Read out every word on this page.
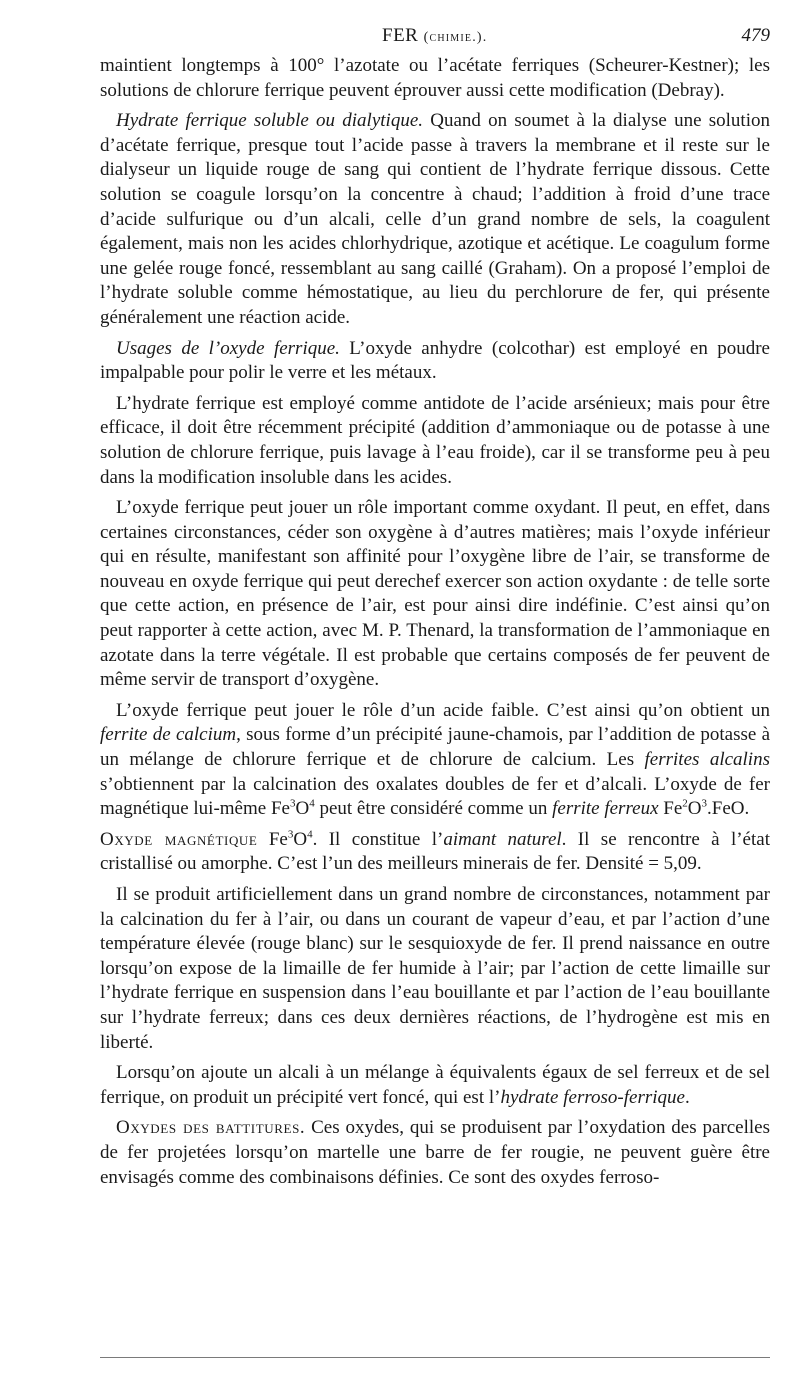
FER (chimie.).	479

maintient longtemps à 100° l’azotate ou l’acétate ferriques (Scheurer-Kestner); les solutions de chlorure ferrique peuvent éprouver aussi cette modification (Debray).

Hydrate ferrique soluble ou dialytique. Quand on soumet à la dialyse une solution d’acétate ferrique, presque tout l’acide passe à travers la membrane et il reste sur le dialyseur un liquide rouge de sang qui contient de l’hydrate ferrique dissous. Cette solution se coagule lorsqu’on la concentre à chaud; l’addition à froid d’une trace d’acide sulfurique ou d’un alcali, celle d’un grand nombre de sels, la coagulent également, mais non les acides chlorhydrique, azotique et acétique. Le coagulum forme une gelée rouge foncé, ressemblant au sang caillé (Graham). On a proposé l’emploi de l’hydrate soluble comme hémostatique, au lieu du perchlorure de fer, qui présente généralement une réaction acide.

Usages de l’oxyde ferrique. L’oxyde anhydre (colcothar) est employé en poudre impalpable pour polir le verre et les métaux.

L’hydrate ferrique est employé comme antidote de l’acide arsénieux; mais pour être efficace, il doit être récemment précipité (addition d’ammoniaque ou de potasse à une solution de chlorure ferrique, puis lavage à l’eau froide), car il se transforme peu à peu dans la modification insoluble dans les acides.

L’oxyde ferrique peut jouer un rôle important comme oxydant. Il peut, en effet, dans certaines circonstances, céder son oxygène à d’autres matières; mais l’oxyde inférieur qui en résulte, manifestant son affinité pour l’oxygène libre de l’air, se transforme de nouveau en oxyde ferrique qui peut derechef exercer son action oxydante : de telle sorte que cette action, en présence de l’air, est pour ainsi dire indéfinie. C’est ainsi qu’on peut rapporter à cette action, avec M. P. Thenard, la transformation de l’ammoniaque en azotate dans la terre végétale. Il est probable que certains composés de fer peuvent de même servir de transport d’oxygène.

L’oxyde ferrique peut jouer le rôle d’un acide faible. C’est ainsi qu’on obtient un ferrite de calcium, sous forme d’un précipité jaune-chamois, par l’addition de potasse à un mélange de chlorure ferrique et de chlorure de calcium. Les ferrites alcalins s’obtiennent par la calcination des oxalates doubles de fer et d’alcali. L’oxyde de fer magnétique lui-même $Fe^3O^4$ peut être considéré comme un ferrite ferreux $Fe^2O^3.FeO$.

Oxyde magnétique $Fe^3O^4$. Il constitue l’aimant naturel. Il se rencontre à l’état cristallisé ou amorphe. C’est l’un des meilleurs minerais de fer. Densité = 5,09.

Il se produit artificiellement dans un grand nombre de circonstances, notamment par la calcination du fer à l’air, ou dans un courant de vapeur d’eau, et par l’action d’une température élevée (rouge blanc) sur le sesquioxyde de fer. Il prend naissance en outre lorsqu’on expose de la limaille de fer humide à l’air; par l’action de cette limaille sur l’hydrate ferrique en suspension dans l’eau bouillante et par l’action de l’eau bouillante sur l’hydrate ferreux; dans ces deux dernières réactions, de l’hydrogène est mis en liberté.

Lorsqu’on ajoute un alcali à un mélange à équivalents égaux de sel ferreux et de sel ferrique, on produit un précipité vert foncé, qui est l’hydrate ferroso-ferrique.

Oxydes des battitures. Ces oxydes, qui se produisent par l’oxydation des parcelles de fer projetées lorsqu’on martelle une barre de fer rougie, ne peuvent guère être envisagés comme des combinaisons définies. Ce sont des oxydes ferroso-
